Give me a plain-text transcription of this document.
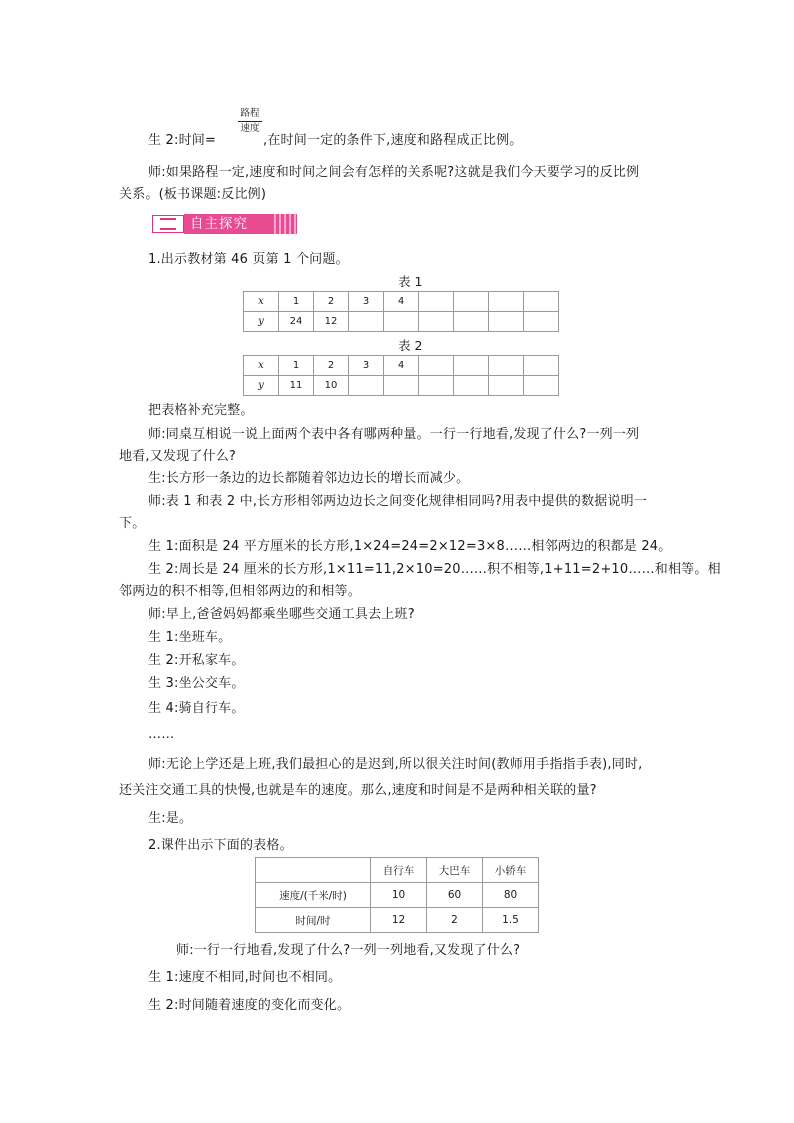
生 2:时间=
路程
速度
,在时间一定的条件下,速度和路程成正比例。
师:如果路程一定,速度和时间之间会有怎样的关系呢?这就是我们今天要学习的反比例
关系。(板书课题:反比例)
自主探究
1.出示教材第 46 页第 1 个问题。
表 1
x	1	2	3	4				
y	24	12						
表 2
x	1	2	3	4				
y	11	10						
把表格补充完整。
师:同桌互相说一说上面两个表中各有哪两种量。一行一行地看,发现了什么?一列一列
地看,又发现了什么?
生:长方形一条边的边长都随着邻边边长的增长而减少。
师:表 1 和表 2 中,长方形相邻两边边长之间变化规律相同吗?用表中提供的数据说明一
下。
生 1:面积是 24 平方厘米的长方形,1×24=24=2×12=3×8……相邻两边的积都是 24。
生 2:周长是 24 厘米的长方形,1×11=11,2×10=20……积不相等,1+11=2+10……和相等。相
邻两边的积不相等,但相邻两边的和相等。
师:早上,爸爸妈妈都乘坐哪些交通工具去上班?
生 1:坐班车。
生 2:开私家车。
生 3:坐公交车。
生 4:骑自行车。
……
师:无论上学还是上班,我们最担心的是迟到,所以很关注时间(教师用手指指手表),同时,
还关注交通工具的快慢,也就是车的速度。那么,速度和时间是不是两种相关联的量?
生:是。
2.课件出示下面的表格。
	自行车	大巴车	小轿车
速度/(千米/时)	10	60	80
时间/时	12	2	1.5
师:一行一行地看,发现了什么?一列一列地看,又发现了什么?
生 1:速度不相同,时间也不相同。
生 2:时间随着速度的变化而变化。
